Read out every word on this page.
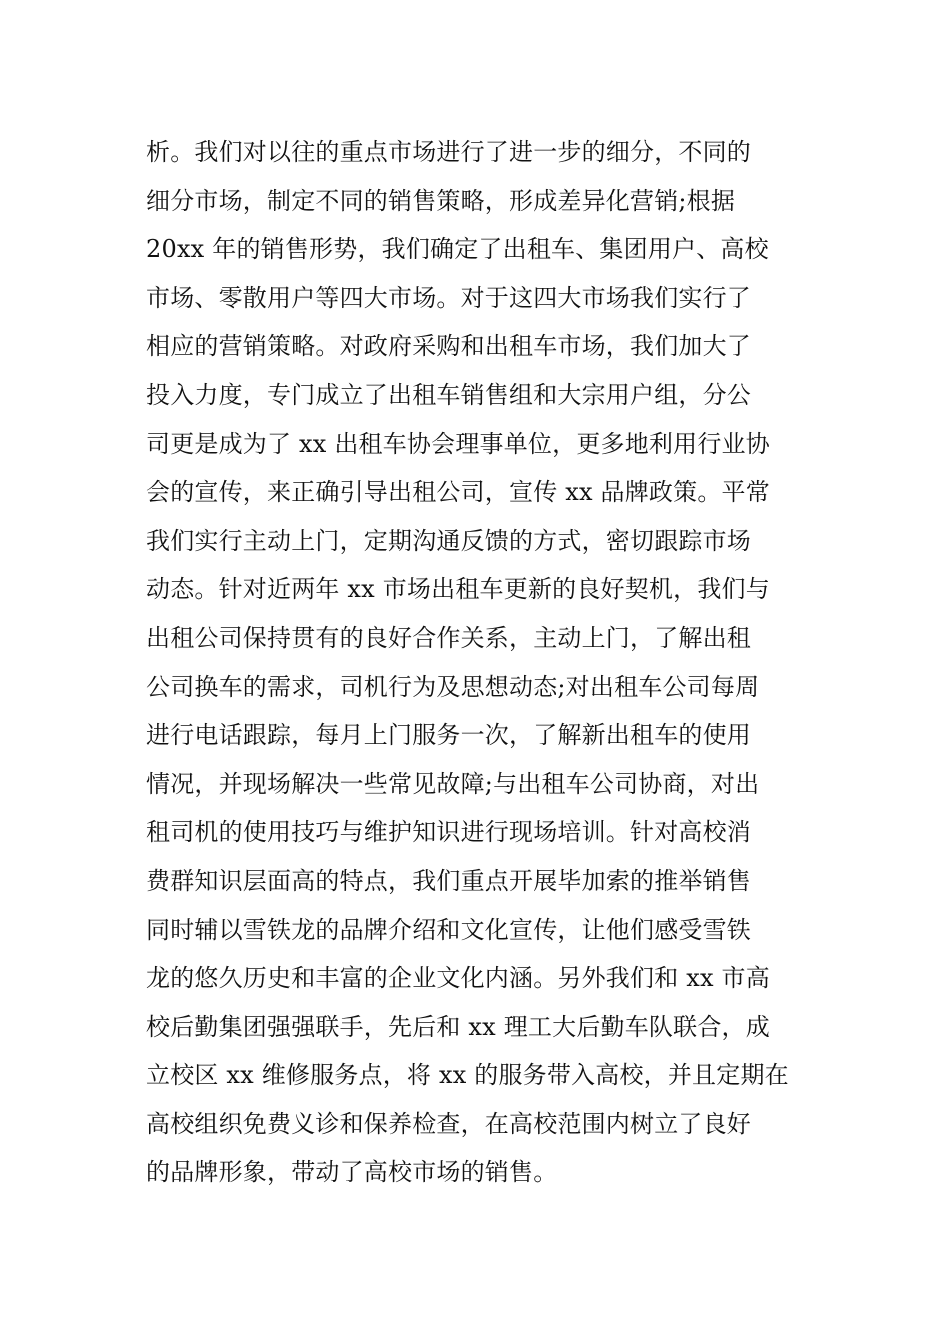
析。我们对以往的重点市场进行了进一步的细分，不同的
细分市场，制定不同的销售策略，形成差异化营销;根据
20xx 年的销售形势，我们确定了出租车、集团用户、高校
市场、零散用户等四大市场。对于这四大市场我们实行了
相应的营销策略。对政府采购和出租车市场，我们加大了
投入力度，专门成立了出租车销售组和大宗用户组，分公
司更是成为了 xx 出租车协会理事单位，更多地利用行业协
会的宣传，来正确引导出租公司，宣传 xx 品牌政策。平常
我们实行主动上门，定期沟通反馈的方式，密切跟踪市场
动态。针对近两年 xx 市场出租车更新的良好契机，我们与
出租公司保持贯有的良好合作关系，主动上门，了解出租
公司换车的需求，司机行为及思想动态;对出租车公司每周
进行电话跟踪，每月上门服务一次，了解新出租车的使用
情况，并现场解决一些常见故障;与出租车公司协商，对出
租司机的使用技巧与维护知识进行现场培训。针对高校消
费群知识层面高的特点，我们重点开展毕加索的推举销售
同时辅以雪铁龙的品牌介绍和文化宣传，让他们感受雪铁
龙的悠久历史和丰富的企业文化内涵。另外我们和 xx 市高
校后勤集团强强联手，先后和 xx 理工大后勤车队联合，成
立校区 xx 维修服务点，将 xx 的服务带入高校，并且定期在
高校组织免费义诊和保养检查，在高校范围内树立了良好
的品牌形象，带动了高校市场的销售。
